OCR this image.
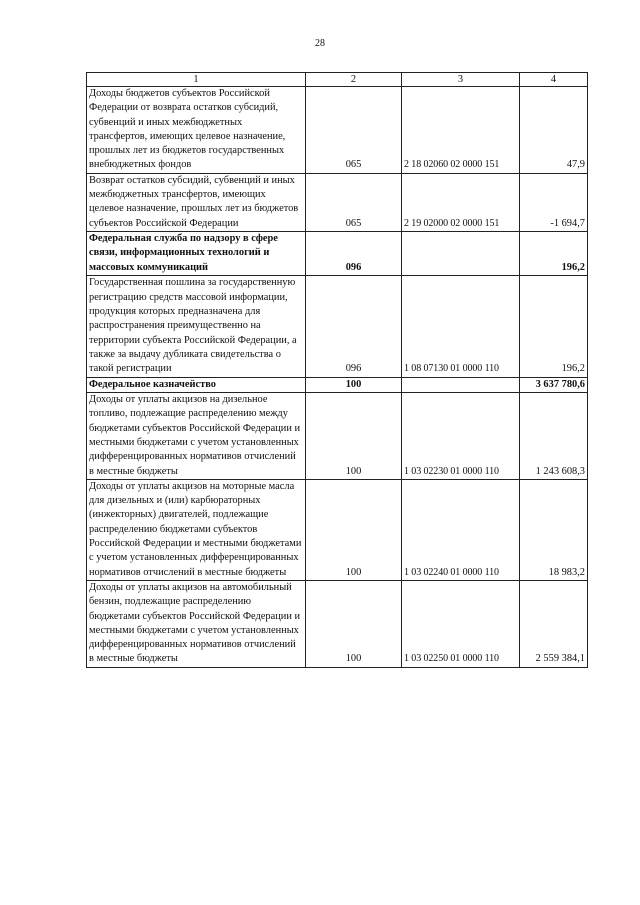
28
1	2	3	4
Доходы бюджетов субъектов Российской Федерации от возврата остатков субсидий, субвенций и иных межбюджетных трансфертов, имеющих целевое назначение, прошлых лет из бюджетов государственных внебюджетных фондов	065	2 18 02060 02 0000 151	47,9
Возврат остатков субсидий, субвенций и иных межбюджетных трансфертов, имеющих целевое назначение, прошлых лет из бюджетов субъектов Российской Федерации	065	2 19 02000 02 0000 151	-1 694,7
Федеральная служба по надзору в сфере связи, информационных технологий и массовых коммуникаций	096		196,2
Государственная пошлина за государственную регистрацию средств массовой информации, продукция которых предназначена для распространения преимущественно на территории субъекта Российской Федерации, а также за выдачу дубликата свидетельства о такой регистрации	096	1 08 07130 01 0000 110	196,2
Федеральное казначейство	100		3 637 780,6
Доходы от уплаты акцизов на дизельное топливо, подлежащие распределению между бюджетами субъектов Российской Федерации и местными бюджетами с учетом установленных дифференцированных нормативов отчислений в местные бюджеты	100	1 03 02230 01 0000 110	1 243 608,3
Доходы от уплаты акцизов на моторные масла для дизельных и (или) карбюраторных (инжекторных) двигателей, подлежащие распределению бюджетами субъектов Российской Федерации и местными бюджетами с учетом установленных дифференцированных нормативов отчислений в местные бюджеты	100	1 03 02240 01 0000 110	18 983,2
Доходы от уплаты акцизов на автомобильный бензин, подлежащие распределению бюджетами субъектов Российской Федерации и местными бюджетами с учетом установленных дифференцированных нормативов отчислений в местные бюджеты	100	1 03 02250 01 0000 110	2 559 384,1
